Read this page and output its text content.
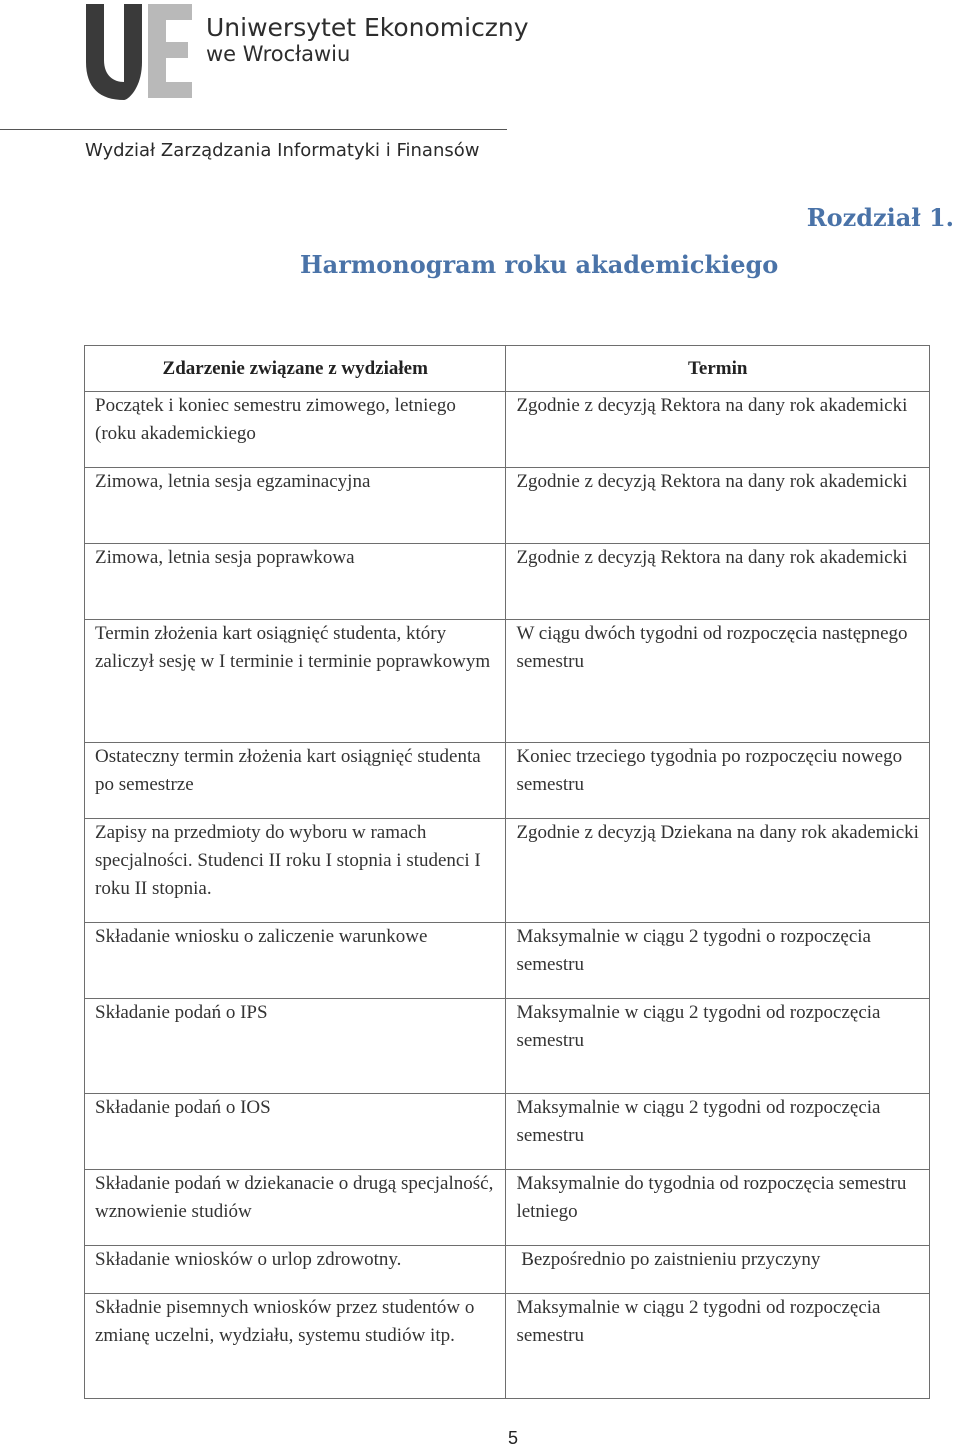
Uniwersytet Ekonomiczny
we Wrocławiu
Wydział Zarządzania Informatyki i Finansów
Rozdział 1.
Harmonogram roku akademickiego
Zdarzenie związane z wydziałem	Termin
Początek i koniec semestru zimowego, letniego (roku akademickiego	Zgodnie z decyzją Rektora na dany rok akademicki
Zimowa, letnia sesja egzaminacyjna	Zgodnie z decyzją Rektora na dany rok akademicki
Zimowa, letnia sesja poprawkowa	Zgodnie z decyzją Rektora na dany rok akademicki
Termin złożenia kart osiągnięć studenta, który zaliczył sesję w I terminie i terminie poprawkowym	W ciągu dwóch tygodni od rozpoczęcia następnego semestru
Ostateczny termin złożenia kart osiągnięć studenta po semestrze	Koniec trzeciego tygodnia po rozpoczęciu nowego semestru
Zapisy na przedmioty do wyboru w ramach specjalności. Studenci II roku I stopnia i studenci I roku II stopnia.	Zgodnie z decyzją Dziekana na dany rok akademicki
Składanie wniosku o zaliczenie warunkowe	Maksymalnie w ciągu 2 tygodni o rozpoczęcia semestru
Składanie podań o IPS	Maksymalnie w ciągu 2 tygodni od rozpoczęcia semestru
Składanie podań o IOS	Maksymalnie w ciągu 2 tygodni od rozpoczęcia semestru
Składanie podań w dziekanacie o drugą specjalność, wznowienie studiów	Maksymalnie do tygodnia od rozpoczęcia semestru letniego
Składanie wniosków o urlop zdrowotny.	Bezpośrednio po zaistnieniu przyczyny
Składnie pisemnych wniosków przez studentów o zmianę uczelni, wydziału, systemu studiów itp.	Maksymalnie w ciągu 2 tygodni od rozpoczęcia semestru
5
